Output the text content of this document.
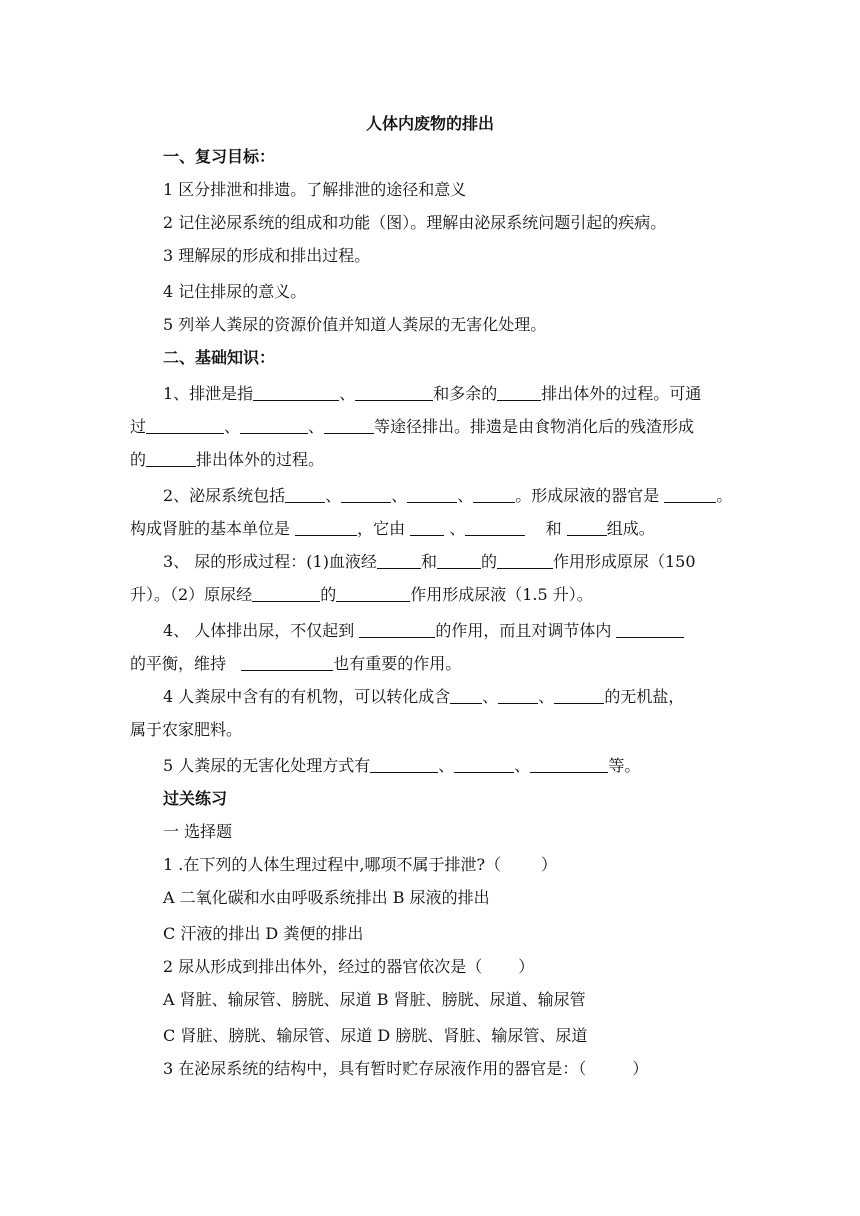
人体内废物的排出
一、复习目标：
1 区分排泄和排遗。了解排泄的途径和意义
2 记住泌尿系统的组成和功能（图）。理解由泌尿系统问题引起的疾病。
3 理解尿的形成和排出过程。
4 记住排尿的意义。
5 列举人粪尿的资源价值并知道人粪尿的无害化处理。
二、基础知识：
1、排泄是指	、	和多余的	排出体外的过程。可通
过	、	、	等途径排出。排遗是由食物消化后的残渣形成
的	排出体外的过程。
2、泌尿系统包括	、	、	、	。形成尿液的器官是	。
构成肾脏的基本单位是	，它由	、	和	组成。
3、 尿的形成过程：(1)血液经	和	的	作用形成原尿（150
升）。（2）原尿经	的	作用形成尿液（1.5 升）。
4、 人体排出尿，不仅起到	的作用，而且对调节体内
的平衡，维持	也有重要的作用。
4 人粪尿中含有的有机物，可以转化成含 、	、	的无机盐，
属于农家肥料。
5 人粪尿的无害化处理方式有	、	、	等。
过关练习
一 选择题
1 .在下列的人体生理过程中,哪项不属于排泄?（	）
A 二氧化碳和水由呼吸系统排出 B 尿液的排出
C 汗液的排出 D 粪便的排出
2 尿从形成到排出体外，经过的器官依次是（ ）
A 肾脏、输尿管、膀胱、尿道 B 肾脏、膀胱、尿道、输尿管
C 肾脏、膀胱、输尿管、尿道 D 膀胱、肾脏、输尿管、尿道
3 在泌尿系统的结构中，具有暂时贮存尿液作用的器官是：（	）
